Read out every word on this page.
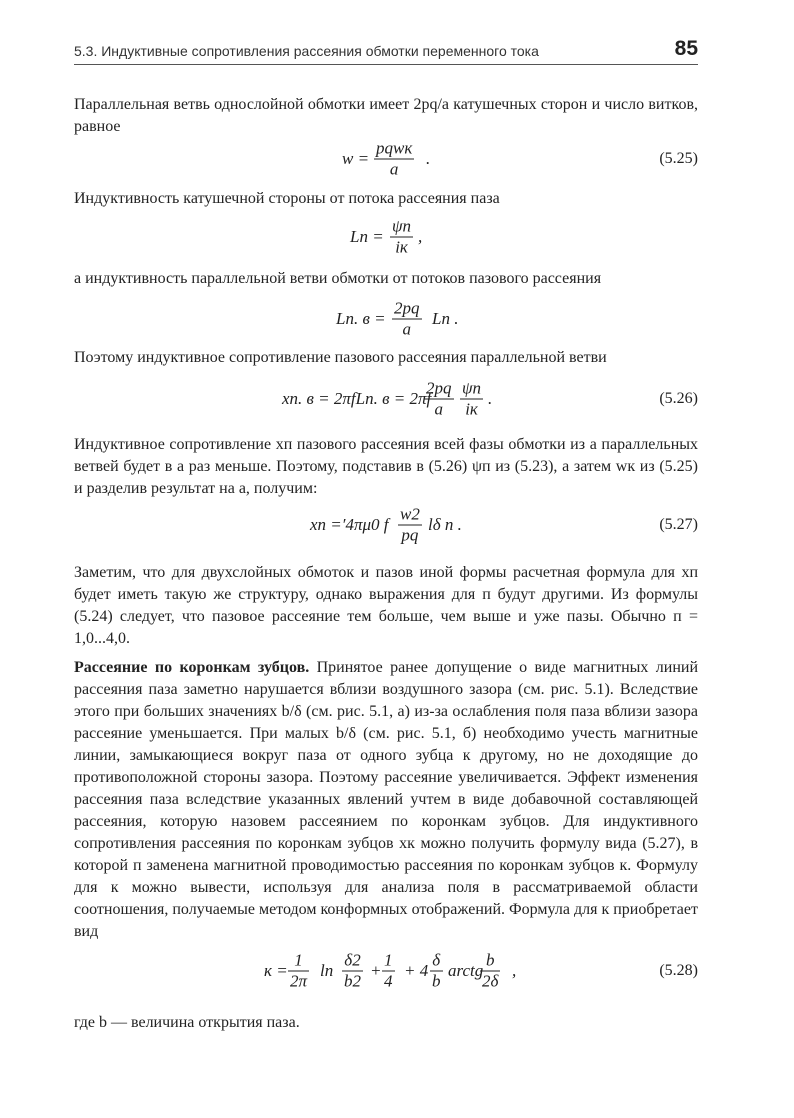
5.3. Индуктивные сопротивления рассеяния обмотки переменного тока	85

Параллельная ветвь однослойной обмотки имеет 2pq/a катушечных сторон и число витков, равное

w =
pqwк
a
.	(5.25)

Индуктивность катушечной стороны от потока рассеяния паза

Lп =
ψп
iк
,

а индуктивность параллельной ветви обмотки от потоков пазового рассеяния

Lп. $в = \frac{2pq}{a}$ Lп .

Поэтому индуктивное сопротивление пазового рассеяния параллельной ветви

xп. в = 2πfLп. в = 2πf
$\frac{2pq}{a}$ ψп
iк
.	(5.26)

Индуктивное сопротивление xп пазового рассеяния всей фазы обмотки из a параллельных ветвей будет в a раз меньше. Поэтому, подставив в (5.26) ψп из (5.23), а затем wк из (5.25) и разделив результат на a, получим:

xп =′4πμ0 f $\frac{w2}{pq}$ lδ п .	(5.27)

Заметим, что для двухслойных обмоток и пазов иной формы расчетная формула для xп будет иметь такую же структуру, однако выражения для п будут другими. Из формулы (5.24) следует, что пазовое рассеяние тем больше, чем выше и уже пазы. Обычно п = 1,0...4,0.

Рассеяние по коронкам зубцов. Принятое ранее допущение о виде магнитных линий рассеяния паза заметно нарушается вблизи воздушного зазора (см. рис. 5.1). Вследствие этого при больших значениях b/δ (см. рис. 5.1, a) из-за ослабления поля паза вблизи зазора рассеяние уменьшается. При малых b/δ (см. рис. 5.1, б) необходимо учесть магнитные линии, замыкающиеся вокруг паза от одного зубца к другому, но не доходящие до противоположной стороны зазора. Поэтому рассеяние увеличивается. Эффект изменения рассеяния паза вследствие указанных явлений учтем в виде добавочной составляющей рассеяния, которую назовем рассеянием по коронкам зубцов. Для индуктивного сопротивления рассеяния по коронкам зубцов xк можно получить формулу вида (5.27), в которой п заменена магнитной проводимостью рассеяния по коронкам зубцов к. Формулу для к можно вывести, используя для анализа поля в рассматриваемой области соотношения, получаемые методом конформных отображений. Формула для к приобретает вид

$к = \frac{1}{2\pi}$ $\ln \frac{\delta 2}{b2} + \frac{1}{4} + 4 \frac{\delta}{b}$ arctg
$\frac{b}{2\delta}$ ,	(5.28)

где b — величина открытия паза.
